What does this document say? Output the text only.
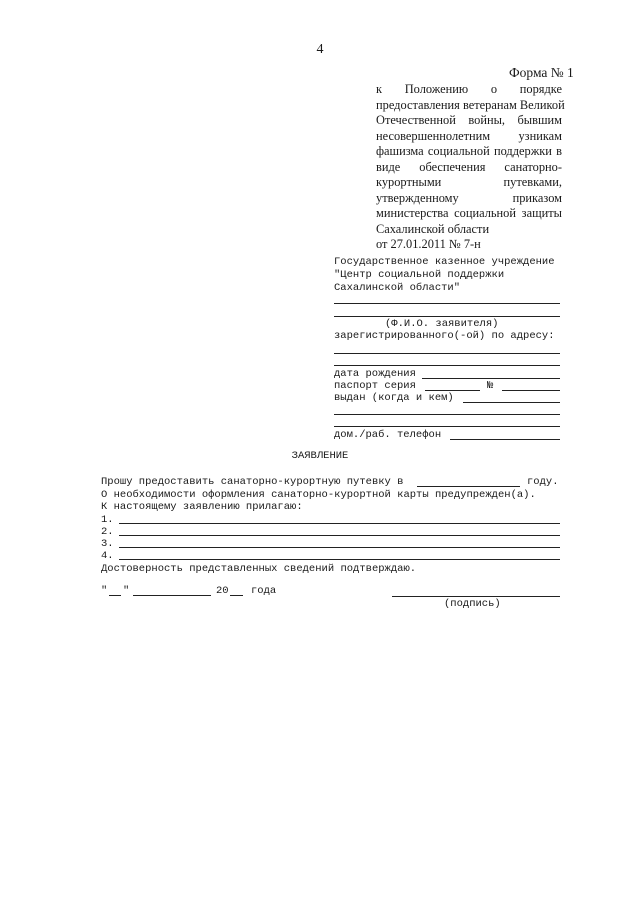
4
Форма № 1
к Положению о порядке
предоставления ветеранам Великой
Отечественной войны, бывшим
несовершеннолетним узникам
фашизма социальной поддержки в
виде обеспечения санаторно-
курортными путевками,
утвержденному приказом
министерства социальной защиты
Сахалинской области
от 27.01.2011 № 7-н
Государственное казенное учреждение
"Центр социальной поддержки
Сахалинской области"
(Ф.И.О. заявителя)
зарегистрированного(-ой) по адресу:
дата рождения
паспорт серия	№
выдан (когда и кем)
дом./раб. телефон
ЗАЯВЛЕНИЕ
Прошу предоставить санаторно-курортную путевку в	году.
О необходимости оформления санаторно-курортной карты предупрежден(а).
К настоящему заявлению прилагаю:
1.
2.
3.
4.
Достоверность представленных сведений подтверждаю.
" "	20 года
(подпись)
